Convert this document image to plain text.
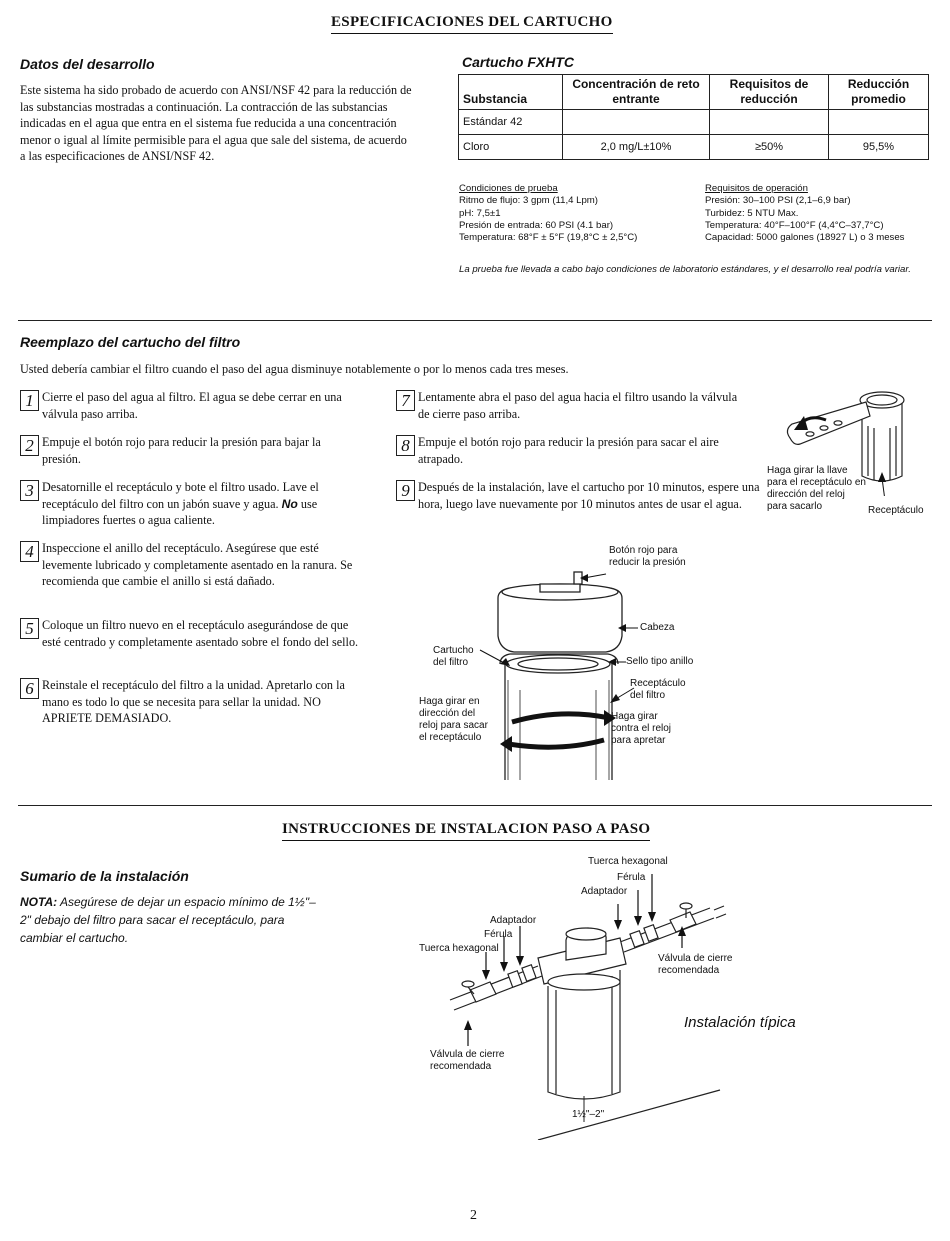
ESPECIFICACIONES DEL CARTUCHO
Datos del desarrollo
Este sistema ha sido probado de acuerdo con ANSI/NSF 42 para la reducción de las substancias mostradas a continuación. La contracción de las substancias indicadas en el agua que entra en el sistema fue reducida a una concentración menor o igual al límite permisible para el agua que sale del sistema, de acuerdo a las especificaciones de ANSI/NSF 42.
Cartucho FXHTC
Substancia	Concentración de reto entrante	Requisitos de reducción	Reducción promedio
Estándar 42			
Cloro	2,0 mg/L±10%	≥50%	95,5%
Condiciones de prueba
Ritmo de flujo: 3 gpm (11,4 Lpm)
pH: 7,5±1
Presión de entrada: 60 PSI (4.1 bar)
Temperatura: 68°F ± 5°F (19,8°C ± 2,5°C)
Requisitos de operación
Presión: 30–100 PSI (2,1–6,9 bar)
Turbidez: 5 NTU Max.
Temperatura: 40°F–100°F (4,4°C–37,7°C)
Capacidad: 5000 galones (18927 L) o 3 meses
La prueba fue llevada a cabo bajo condiciones de laboratorio estándares, y el desarrollo real podría variar.
Reemplazo del cartucho del filtro
Usted debería cambiar el filtro cuando el paso del agua disminuye notablemente o por lo menos cada tres meses.
1 Cierre el paso del agua al filtro. El agua se debe cerrar en una válvula paso arriba.
2 Empuje el botón rojo para reducir la presión para bajar la presión.
3 Desatornille el receptáculo y bote el filtro usado. Lave el receptáculo del filtro con un jabón suave y agua. No use limpiadores fuertes o agua caliente.
4 Inspeccione el anillo del receptáculo. Asegúrese que esté levemente lubricado y completamente asentado en la ranura. Se recomienda que cambie el anillo si está dañado.
5 Coloque un filtro nuevo en el receptáculo asegurándose de que esté centrado y completamente asentado sobre el fondo del sello.
6 Reinstale el receptáculo del filtro a la unidad. Apretarlo con la mano es todo lo que se necesita para sellar la unidad. NO APRIETE DEMASIADO.
7 Lentamente abra el paso del agua hacia el filtro usando la válvula de cierre paso arriba.
8 Empuje el botón rojo para reducir la presión para sacar el aire atrapado.
9 Después de la instalación, lave el cartucho por 10 minutos, espere una hora, luego lave nuevamente por 10 minutos antes de usar el agua.
Haga girar la llave para el receptáculo en dirección del reloj para sacarlo	Receptáculo
Botón rojo para reducir la presión
Cabeza
Cartucho del filtro	Sello tipo anillo
Receptáculo del filtro
Haga girar en dirección del reloj para sacar el receptáculo
Haga girar contra el reloj para apretar
INSTRUCCIONES DE INSTALACION PASO A PASO
Sumario de la instalación
NOTA: Asegúrese de dejar un espacio mínimo de 1½"–2" debajo del filtro para sacar el receptáculo, para cambiar el cartucho.
Tuerca hexagonal
Férula
Adaptador
Válvula de cierre recomendada
Adaptador
Férula
Tuerca hexagonal
Válvula de cierre recomendada
Instalación típica
1½"–2"
2
